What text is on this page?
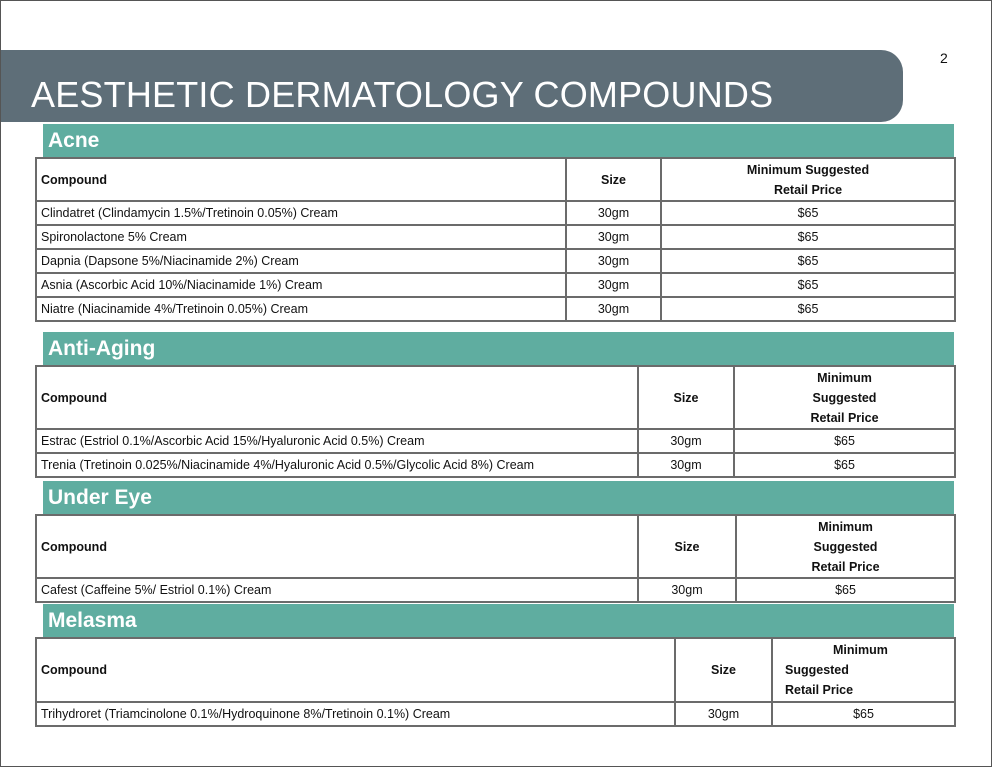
2
AESTHETIC DERMATOLOGY COMPOUNDS
Acne
Compound	Size	Minimum Suggested
Retail Price

Clindatret (Clindamycin 1.5%/Tretinoin 0.05%) Cream	30gm	$65
Spironolactone 5% Cream	30gm	$65
Dapnia (Dapsone 5%/Niacinamide 2%) Cream	30gm	$65
Asnia (Ascorbic Acid 10%/Niacinamide 1%) Cream	30gm	$65
Niatre (Niacinamide 4%/Tretinoin 0.05%) Cream	30gm	$65
Anti-Aging
Compound	Size	Minimum
Suggested
Retail Price

Estrac (Estriol 0.1%/Ascorbic Acid 15%/Hyaluronic Acid 0.5%) Cream	30gm	$65
Trenia (Tretinoin 0.025%/Niacinamide 4%/Hyaluronic Acid 0.5%/Glycolic Acid 8%) Cream	30gm	$65
Under Eye
Compound	Size	Minimum
Suggested
Retail Price

Cafest (Caffeine 5%/ Estriol 0.1%) Cream	30gm	$65
Melasma
Compound	Size	Minimum
Suggested
Retail Price

Trihydroret (Triamcinolone 0.1%/Hydroquinone 8%/Tretinoin 0.1%) Cream	30gm	$65
